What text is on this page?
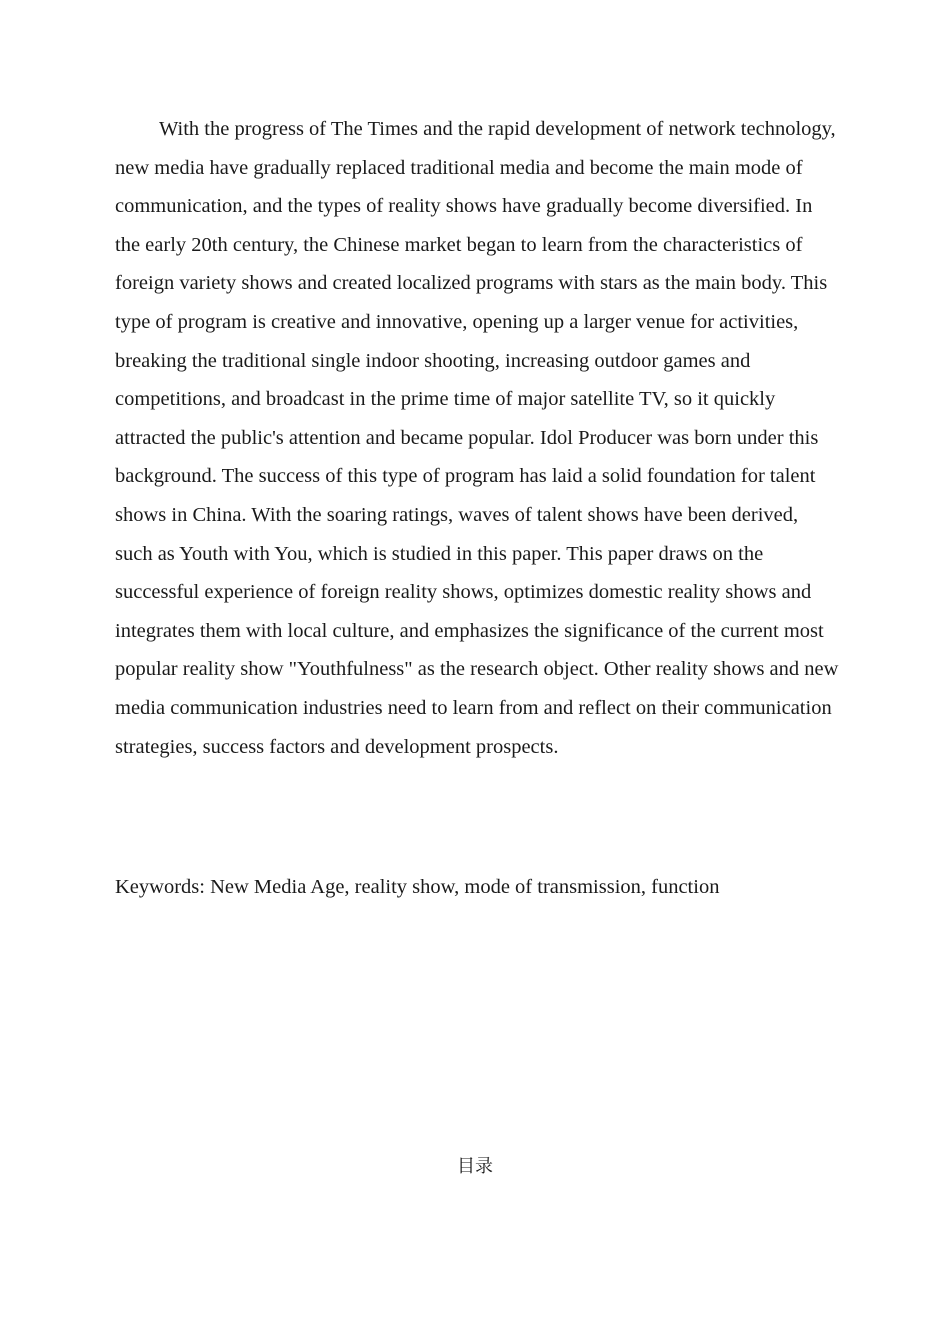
With the progress of The Times and the rapid development of network technology, new media have gradually replaced traditional media and become the main mode of communication, and the types of reality shows have gradually become diversified. In the early 20th century, the Chinese market began to learn from the characteristics of foreign variety shows and created localized programs with stars as the main body. This type of program is creative and innovative, opening up a larger venue for activities, breaking the traditional single indoor shooting, increasing outdoor games and competitions, and broadcast in the prime time of major satellite TV, so it quickly attracted the public's attention and became popular. Idol Producer was born under this background. The success of this type of program has laid a solid foundation for talent shows in China. With the soaring ratings, waves of talent shows have been derived, such as Youth with You, which is studied in this paper. This paper draws on the successful experience of foreign reality shows, optimizes domestic reality shows and integrates them with local culture, and emphasizes the significance of the current most popular reality show "Youthfulness" as the research object. Other reality shows and new media communication industries need to learn from and reflect on their communication strategies, success factors and development prospects.

Keywords: New Media Age, reality show, mode of transmission, function

目录
